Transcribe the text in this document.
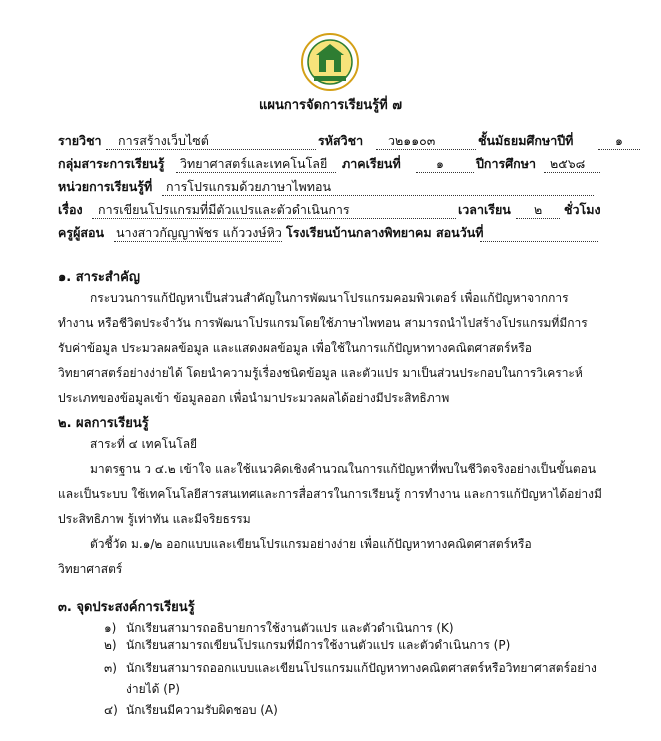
แผนการจัดการเรียนรู้ที่ ๗
รายวิชา การสร้างเว็บไซต์	รหัสวิชา ว๒๑๑๐๓	ชั้นมัธยมศึกษาปีที่	๑
กลุ่มสาระการเรียนรู้ วิทยาศาสตร์และเทคโนโลยี ภาคเรียนที่	๑	ปีการศึกษา ๒๕๖๘
หน่วยการเรียนรู้ที่ การโปรแกรมด้วยภาษาไพทอน
เรื่อง การเขียนโปรแกรมที่มีตัวแปรและตัวดำเนินการ	เวลาเรียน ๒ ชั่วโมง
ครูผู้สอน นางสาวกัญญาพัชร แก้ววงษ์หิว โรงเรียนบ้านกลางพิทยาคม สอนวันที่
๑. สาระสำคัญ
กระบวนการแก้ปัญหาเป็นส่วนสำคัญในการพัฒนาโปรแกรมคอมพิวเตอร์ เพื่อแก้ปัญหาจากการ
ทำงาน หรือชีวิตประจำวัน การพัฒนาโปรแกรมโดยใช้ภาษาไพทอน สามารถนำไปสร้างโปรแกรมที่มีการ
รับค่าข้อมูล ประมวลผลข้อมูล และแสดงผลข้อมูล เพื่อใช้ในการแก้ปัญหาทางคณิตศาสตร์หรือ
วิทยาศาสตร์อย่างง่ายได้ โดยนำความรู้เรื่องชนิดข้อมูล และตัวแปร มาเป็นส่วนประกอบในการวิเคราะห์
ประเภทของข้อมูลเข้า ข้อมูลออก เพื่อนำมาประมวลผลได้อย่างมีประสิทธิภาพ
๒. ผลการเรียนรู้
สาระที่ ๔ เทคโนโลยี
มาตรฐาน ว ๔.๒ เข้าใจ และใช้แนวคิดเชิงคำนวณในการแก้ปัญหาที่พบในชีวิตจริงอย่างเป็นขั้นตอน
และเป็นระบบ ใช้เทคโนโลยีสารสนเทศและการสื่อสารในการเรียนรู้ การทำงาน และการแก้ปัญหาได้อย่างมี
ประสิทธิภาพ รู้เท่าทัน และมีจริยธรรม
ตัวชี้วัด ม.๑/๒ ออกแบบและเขียนโปรแกรมอย่างง่าย เพื่อแก้ปัญหาทางคณิตศาสตร์หรือ
วิทยาศาสตร์
๓. จุดประสงค์การเรียนรู้
๑) นักเรียนสามารถอธิบายการใช้งานตัวแปร และตัวดำเนินการ (K)
๒) นักเรียนสามารถเขียนโปรแกรมที่มีการใช้งานตัวแปร และตัวดำเนินการ (P)
๓) นักเรียนสามารถออกแบบและเขียนโปรแกรมแก้ปัญหาทางคณิตศาสตร์หรือวิทยาศาสตร์อย่าง
ง่ายได้ (P)
๔) นักเรียนมีความรับผิดชอบ (A)
